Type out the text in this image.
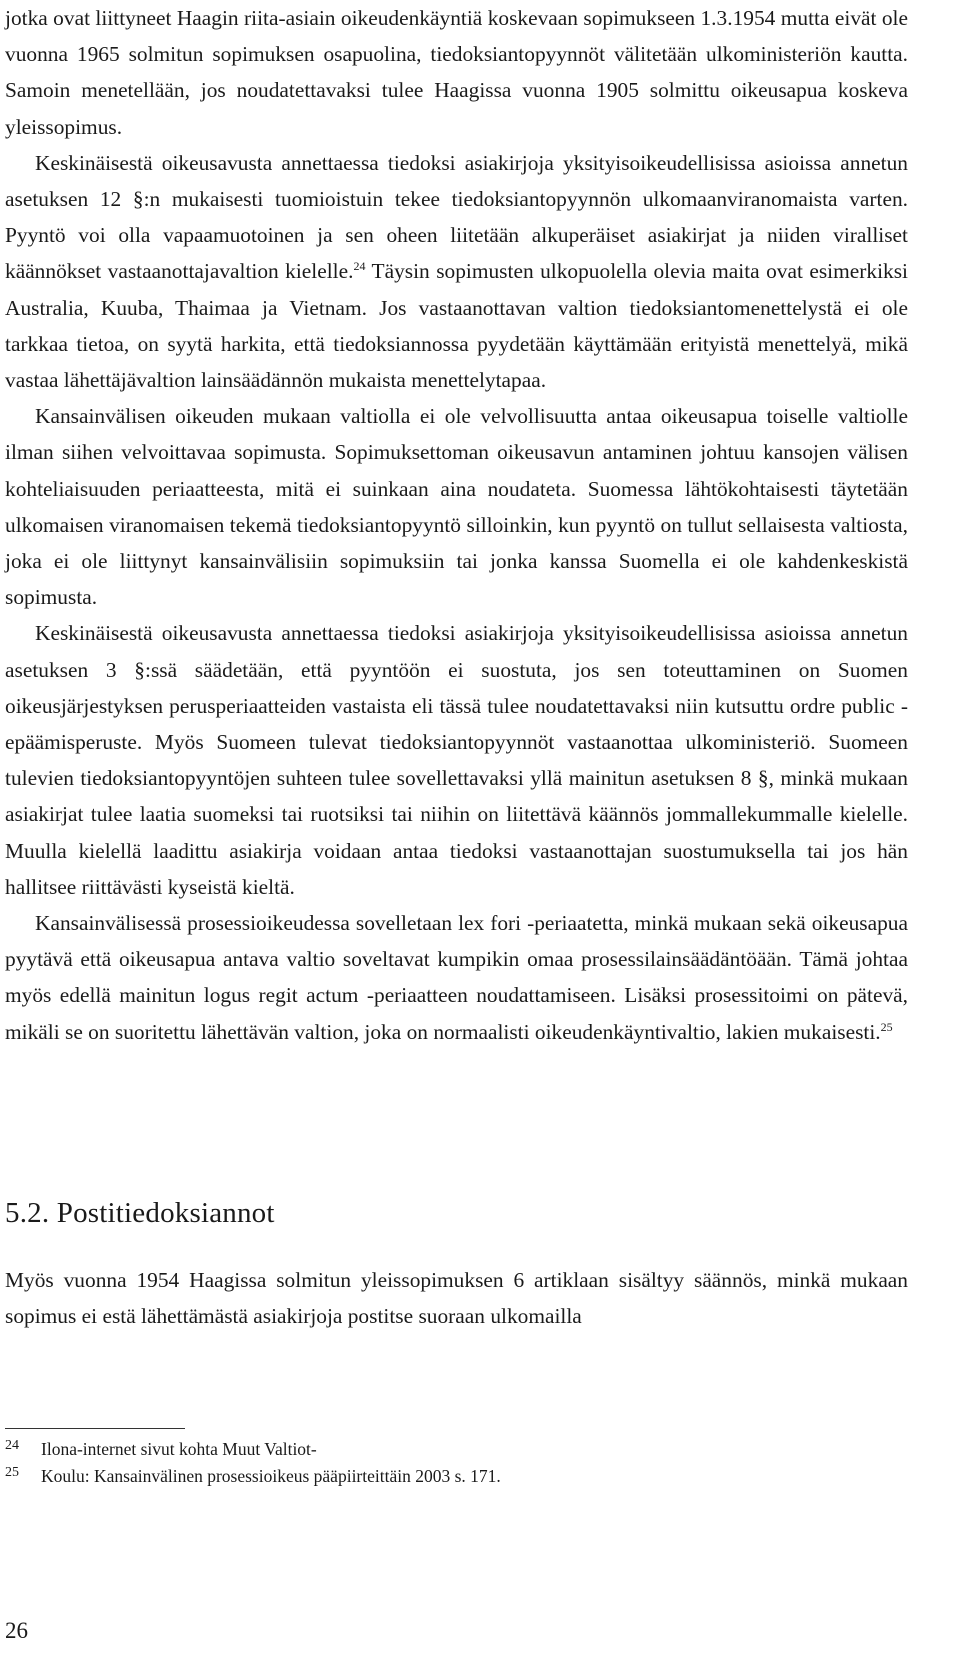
jotka ovat liittyneet Haagin riita-asiain oikeudenkäyntiä koskevaan sopimukseen 1.3.1954 mutta eivät ole vuonna 1965 solmitun sopimuksen osapuolina, tiedoksiantopyynnöt välitetään ulkoministeriön kautta. Samoin menetellään, jos noudatettavaksi tulee Haagissa vuonna 1905 solmittu oikeusapua koskeva yleissopimus.

Keskinäisestä oikeusavusta annettaessa tiedoksi asiakirjoja yksityisoikeudellisissa asioissa annetun asetuksen 12 §:n mukaisesti tuomioistuin tekee tiedoksiantopyynnön ulkomaanviranomaista varten. Pyyntö voi olla vapaamuotoinen ja sen oheen liitetään alkuperäiset asiakirjat ja niiden viralliset käännökset vastaanottajavaltion kielelle.$^{24}$ Täysin sopimusten ulkopuolella olevia maita ovat esimerkiksi Australia, Kuuba, Thaimaa ja Vietnam. Jos vastaanottavan valtion tiedoksiantomenettelystä ei ole tarkkaa tietoa, on syytä harkita, että tiedoksiannossa pyydetään käyttämään erityistä menettelyä, mikä vastaa lähettäjävaltion lainsäädännön mukaista menettelytapaa.

Kansainvälisen oikeuden mukaan valtiolla ei ole velvollisuutta antaa oikeusapua toiselle valtiolle ilman siihen velvoittavaa sopimusta. Sopimuksettoman oikeusavun antaminen johtuu kansojen välisen kohteliaisuuden periaatteesta, mitä ei suinkaan aina noudateta. Suomessa lähtökohtaisesti täytetään ulkomaisen viranomaisen tekemä tiedoksiantopyyntö silloinkin, kun pyyntö on tullut sellaisesta valtiosta, joka ei ole liittynyt kansainvälisiin sopimuksiin tai jonka kanssa Suomella ei ole kahdenkeskistä sopimusta.

Keskinäisestä oikeusavusta annettaessa tiedoksi asiakirjoja yksityisoikeudellisissa asioissa annetun asetuksen 3 §:ssä säädetään, että pyyntöön ei suostuta, jos sen toteuttaminen on Suomen oikeusjärjestyksen perusperiaatteiden vastaista eli tässä tulee noudatettavaksi niin kutsuttu ordre public -epäämisperuste. Myös Suomeen tulevat tiedoksiantopyynnöt vastaanottaa ulkoministeriö. Suomeen tulevien tiedoksiantopyyntöjen suhteen tulee sovellettavaksi yllä mainitun asetuksen 8 §, minkä mukaan asiakirjat tulee laatia suomeksi tai ruotsiksi tai niihin on liitettävä käännös jommallekummalle kielelle. Muulla kielellä laadittu asiakirja voidaan antaa tiedoksi vastaanottajan suostumuksella tai jos hän hallitsee riittävästi kyseistä kieltä.

Kansainvälisessä prosessioikeudessa sovelletaan lex fori -periaatetta, minkä mukaan sekä oikeusapua pyytävä että oikeusapua antava valtio soveltavat kumpikin omaa prosessilainsäädäntöään. Tämä johtaa myös edellä mainitun logus regit actum -periaatteen noudattamiseen. Lisäksi prosessitoimi on pätevä, mikäli se on suoritettu lähettävän valtion, joka on normaalisti oikeudenkäyntivaltio, lakien mukaisesti.$^{25}$

5.2. Postitiedoksiannot

Myös vuonna 1954 Haagissa solmitun yleissopimuksen 6 artiklaan sisältyy säännös, minkä mukaan sopimus ei estä lähettämästä asiakirjoja postitse suoraan ulkomailla

24	Ilona-internet sivut kohta Muut Valtiot-
25	Koulu: Kansainvälinen prosessioikeus pääpiirteittäin 2003 s. 171.
26
